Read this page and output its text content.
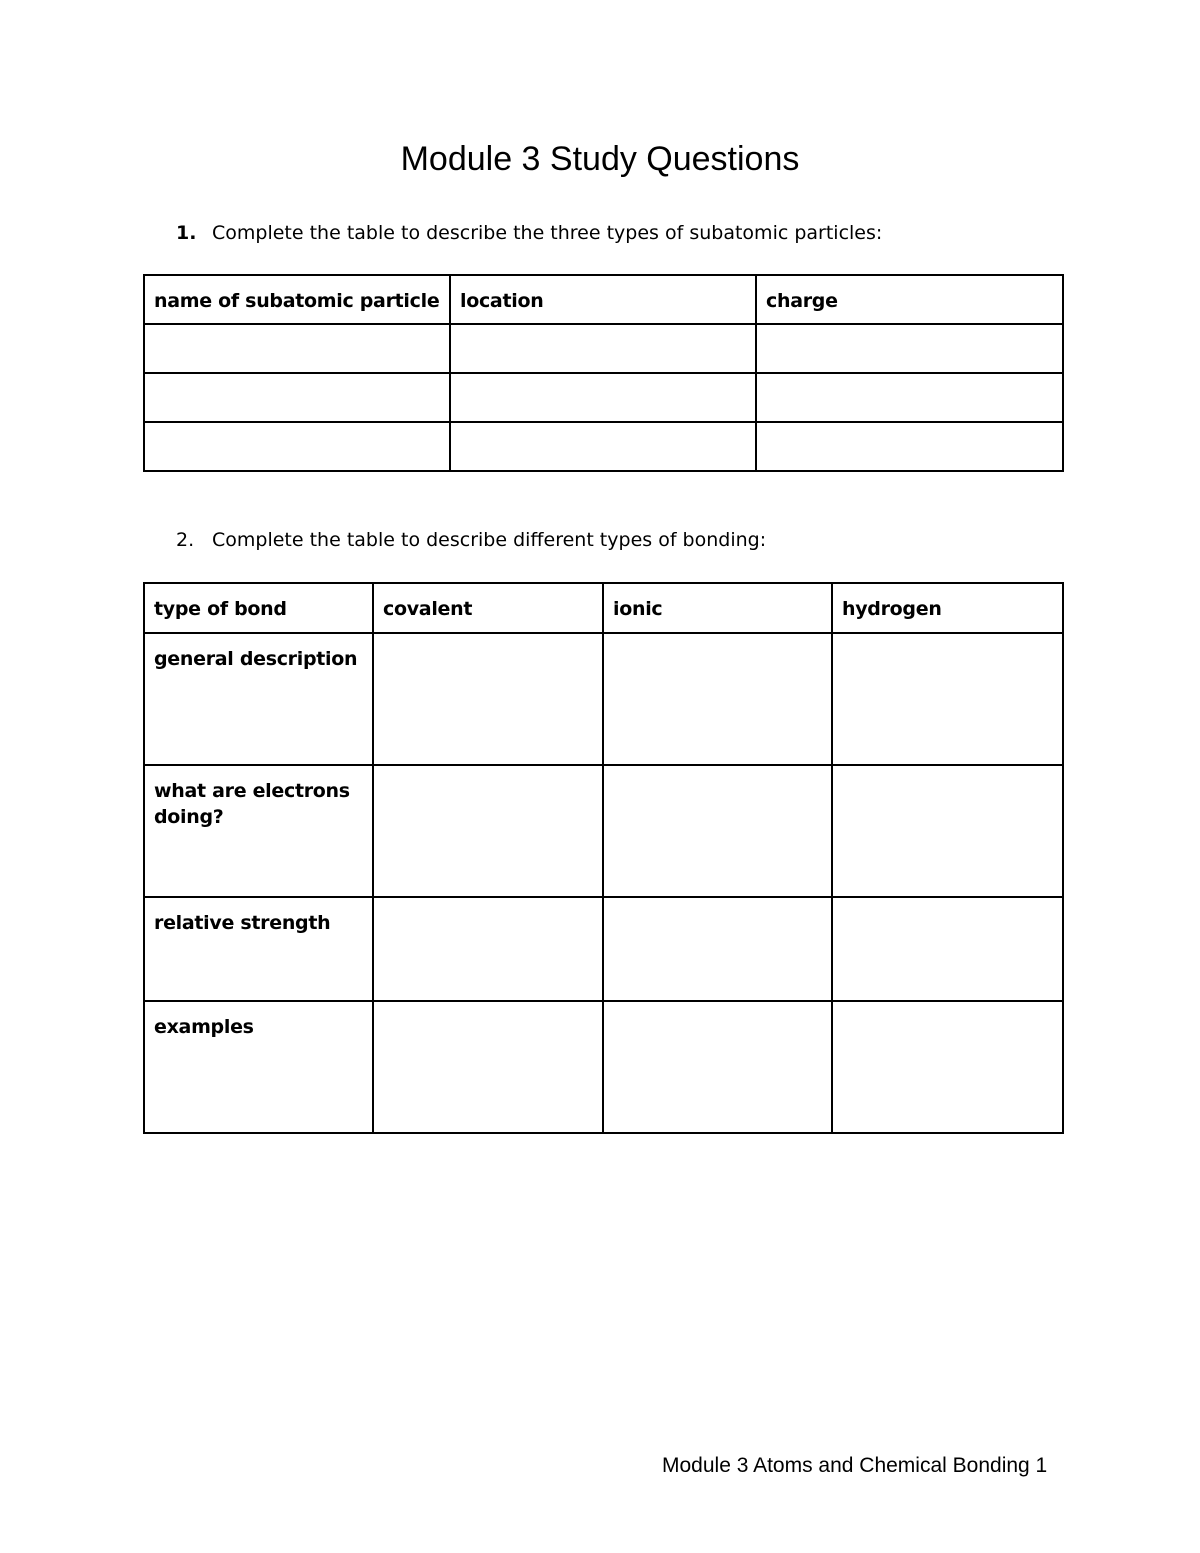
Module 3 Study Questions

1. Complete the table to describe the three types of subatomic particles:

name of subatomic particle	location	charge

2. Complete the table to describe different types of bonding:

type of bond	covalent	ionic	hydrogen
general description			
what are electrons doing?			
relative strength			
examples			
Module 3 Atoms and Chemical Bonding 1
